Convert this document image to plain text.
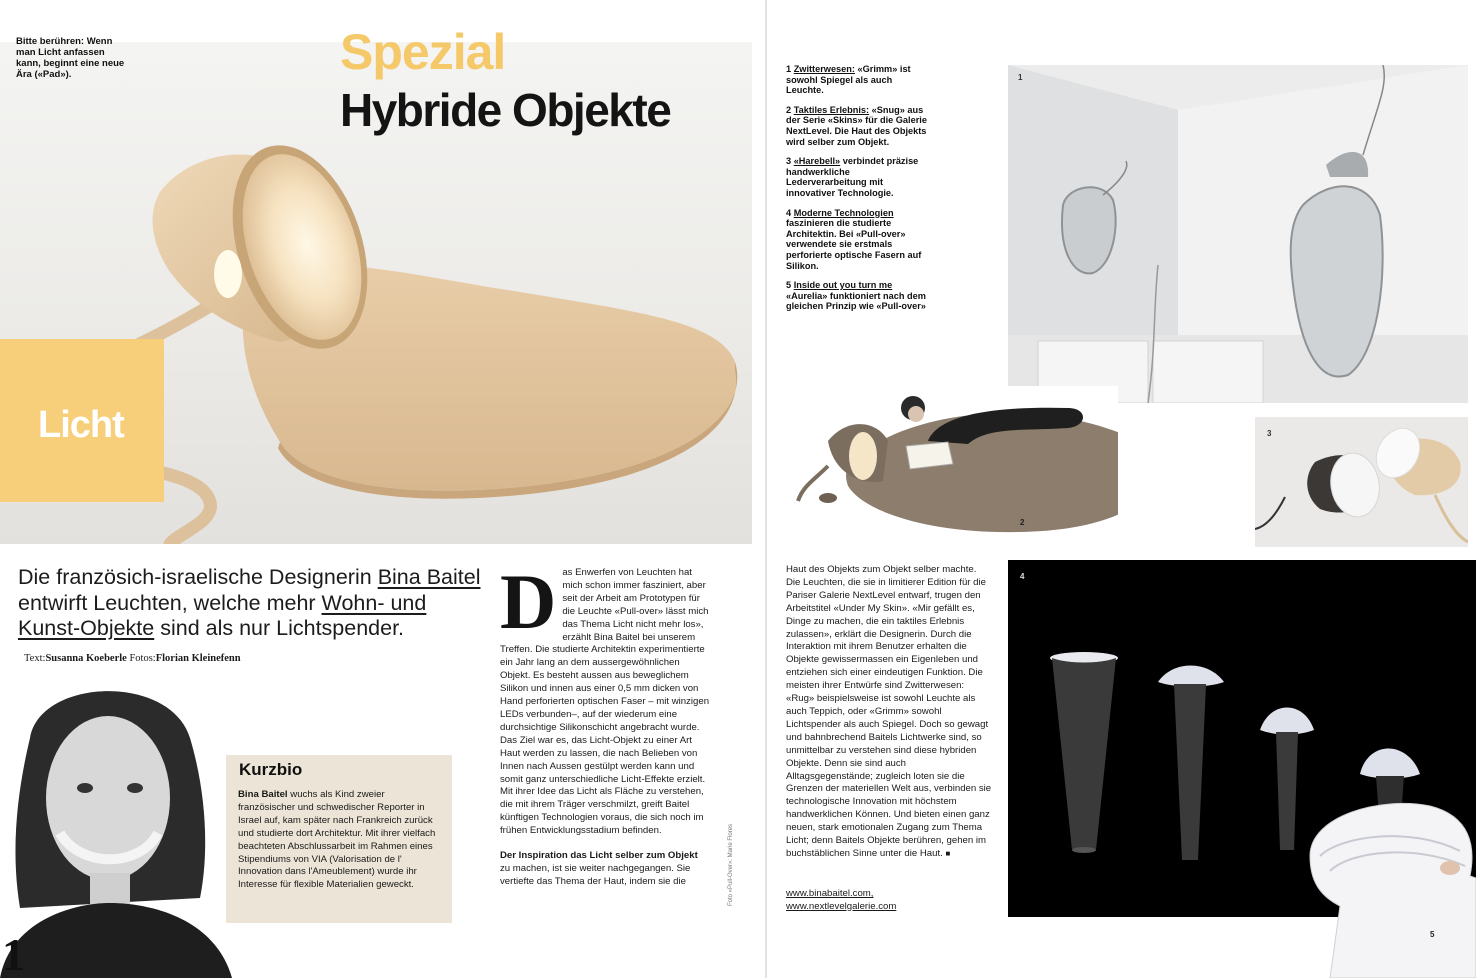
Bitte berühren: Wenn man Licht anfassen kann, beginnt eine neue Ära («Pad»).	Spezial
Hybride Objekte
Licht
Die französich-israelische Designerin Bina Baitel entwirft Leuchten, welche mehr Wohn- und Kunst-Objekte sind als nur Lichtspender. Text:Susanna Koeberle Fotos:Florian Kleinefenn
1
Kurzbio
Bina Baitel wuchs als Kind zweier französischer und schwedischer Reporter in Israel auf, kam später nach Frankreich zurück und studierte dort Architektur. Mit ihrer vielfach beachteten Abschlussarbeit im Rahmen eines Stipendiums von VIA (Valorisation de l' Innovation dans l'Ameublement) wurde ihr Interesse für flexible Materialien geweckt.
D as Enwerfen von Leuchten hat mich schon immer fasziniert, aber seit der Arbeit am Prototypen für die Leuchte «Pull-over» lässt mich das Thema Licht nicht mehr los», erzählt Bina Baitel bei unserem Treffen. Die studierte Architektin experimentierte ein Jahr lang an dem aussergewöhnlichen Objekt. Es besteht aussen aus beweglichem Silikon und innen aus einer 0,5 mm dicken von Hand perforierten optischen Faser – mit winzigen LEDs verbunden–, auf der wiederum eine durchsichtige Silikonschicht angebracht wurde. Das Ziel war es, das Licht-Objekt zu einer Art Haut werden zu lassen, die nach Belieben von Innen nach Aussen gestülpt werden kann und somit ganz unterschiedliche Licht-Effekte erzielt. Mit ihrer Idee das Licht als Fläche zu verstehen, die mit ihrem Träger verschmilzt, greift Baitel künftigen Technologien voraus, die sich noch im frühen Entwicklungsstadium befinden.

Der Inspiration das Licht selber zum Objekt zu machen, ist sie weiter nachgegangen. Sie vertiefte das Thema der Haut, indem sie die	Foto «Pull-Over»: Marie Flores
1 Zwitterwesen: «Grimm» ist sowohl Spiegel als auch Leuchte.
2 Taktiles Erlebnis: «Snug» aus der Serie «Skins» für die Galerie NextLevel. Die Haut des Objekts wird selber zum Objekt.
3 «Harebell» verbindet präzise handwerkliche Lederverarbeitung mit innovativer Technologie.
4 Moderne Technologien faszinieren die studierte Architektin. Bei «Pull-over» verwendete sie erstmals perforierte optische Fasern auf Silikon.
5 Inside out you turn me «Aurelia» funktioniert nach dem gleichen Prinzip wie «Pull-over»
1
2
3
Haut des Objekts zum Objekt selber machte. Die Leuchten, die sie in limitierer Edition für die Pariser Galerie NextLevel entwarf, trugen den Arbeitstitel «Under My Skin». «Mir gefällt es, Dinge zu machen, die ein taktiles Erlebnis zulassen», erklärt die Designerin. Durch die Interaktion mit ihrem Benutzer erhalten die Objekte gewissermassen ein Eigenleben und entziehen sich einer eindeutigen Funktion. Die meisten ihrer Entwürfe sind Zwitterwesen: «Rug» beispielsweise ist sowohl Leuchte als auch Teppich, oder «Grimm» sowohl Lichtspender als auch Spiegel. Doch so gewagt und bahnbrechend Baitels Lichtwerke sind, so unmittelbar zu verstehen sind diese hybriden Objekte. Denn sie sind auch Alltagsgegenstände; zugleich loten sie die Grenzen der materiellen Welt aus, verbinden sie technologische Innovation mit höchstem handwerklichen Können. Und bieten einen ganz neuen, stark emotionalen Zugang zum Thema Licht; denn Baitels Objekte berühren, gehen im buchstäblichen Sinne unter die Haut. ■
www.binabaitel.com,
www.nextlevelgalerie.com
4
5
